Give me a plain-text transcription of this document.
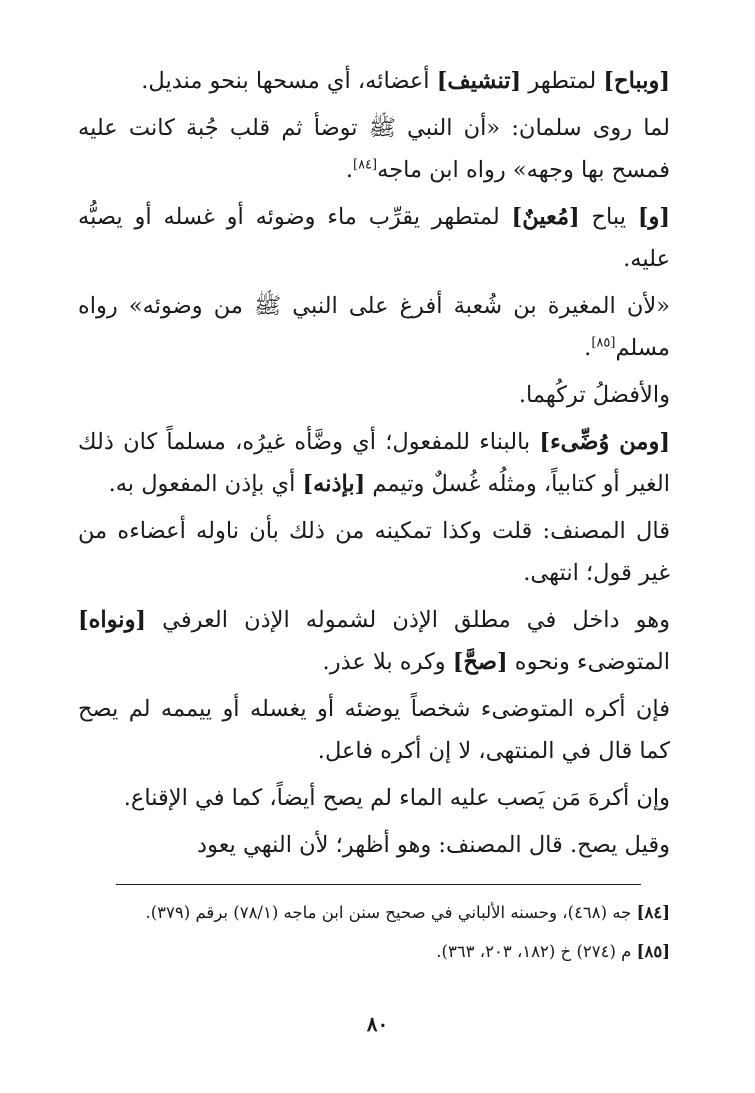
[وبباح] لمتطهر [تنشيف] أعضائه، أي مسحها بنحو منديل.

لما روى سلمان: «أن النبي ﷺ توضأ ثم قلب جُبة كانت عليه فمسح بها وجهه» رواه ابن ماجه[٨٤].

[و] يباح [مُعينٌ] لمتطهر يقرِّب ماء وضوئه أو غسله أو يصبُّه عليه.

«لأن المغيرة بن شُعبة أفرغ على النبي ﷺ من وضوئه» رواه مسلم[٨٥].

والأفضلُ تركُهما.

[ومن وُضِّىء] بالبناء للمفعول؛ أي وضَّأه غيرُه، مسلماً كان ذلك الغير أو كتابياً، ومثلُه غُسلٌ وتيمم [بإذنه] أي بإذن المفعول به.

قال المصنف: قلت وكذا تمكينه من ذلك بأن ناوله أعضاءه من غير قول؛ انتهى.

وهو داخل في مطلق الإذن لشموله الإذن العرفي [ونواه] المتوضىء ونحوه [صحَّ] وكره بلا عذر.

فإن أكره المتوضىء شخصاً يوضئه أو يغسله أو ييممه لم يصح كما قال في المنتهى، لا إن أكره فاعل.

وإن أكرهَ مَن يَصب عليه الماء لم يصح أيضاً، كما في الإقناع.

وقيل يصح. قال المصنف: وهو أظهر؛ لأن النهي يعود

[٨٤] جه (٤٦٨)، وحسنه الألباني في صحيح سنن ابن ماجه (٧٨/١) برقم (٣٧٩).

[٨٥] م (٢٧٤) خ (١٨٢، ٢٠٣، ٣٦٣).

٨٠
